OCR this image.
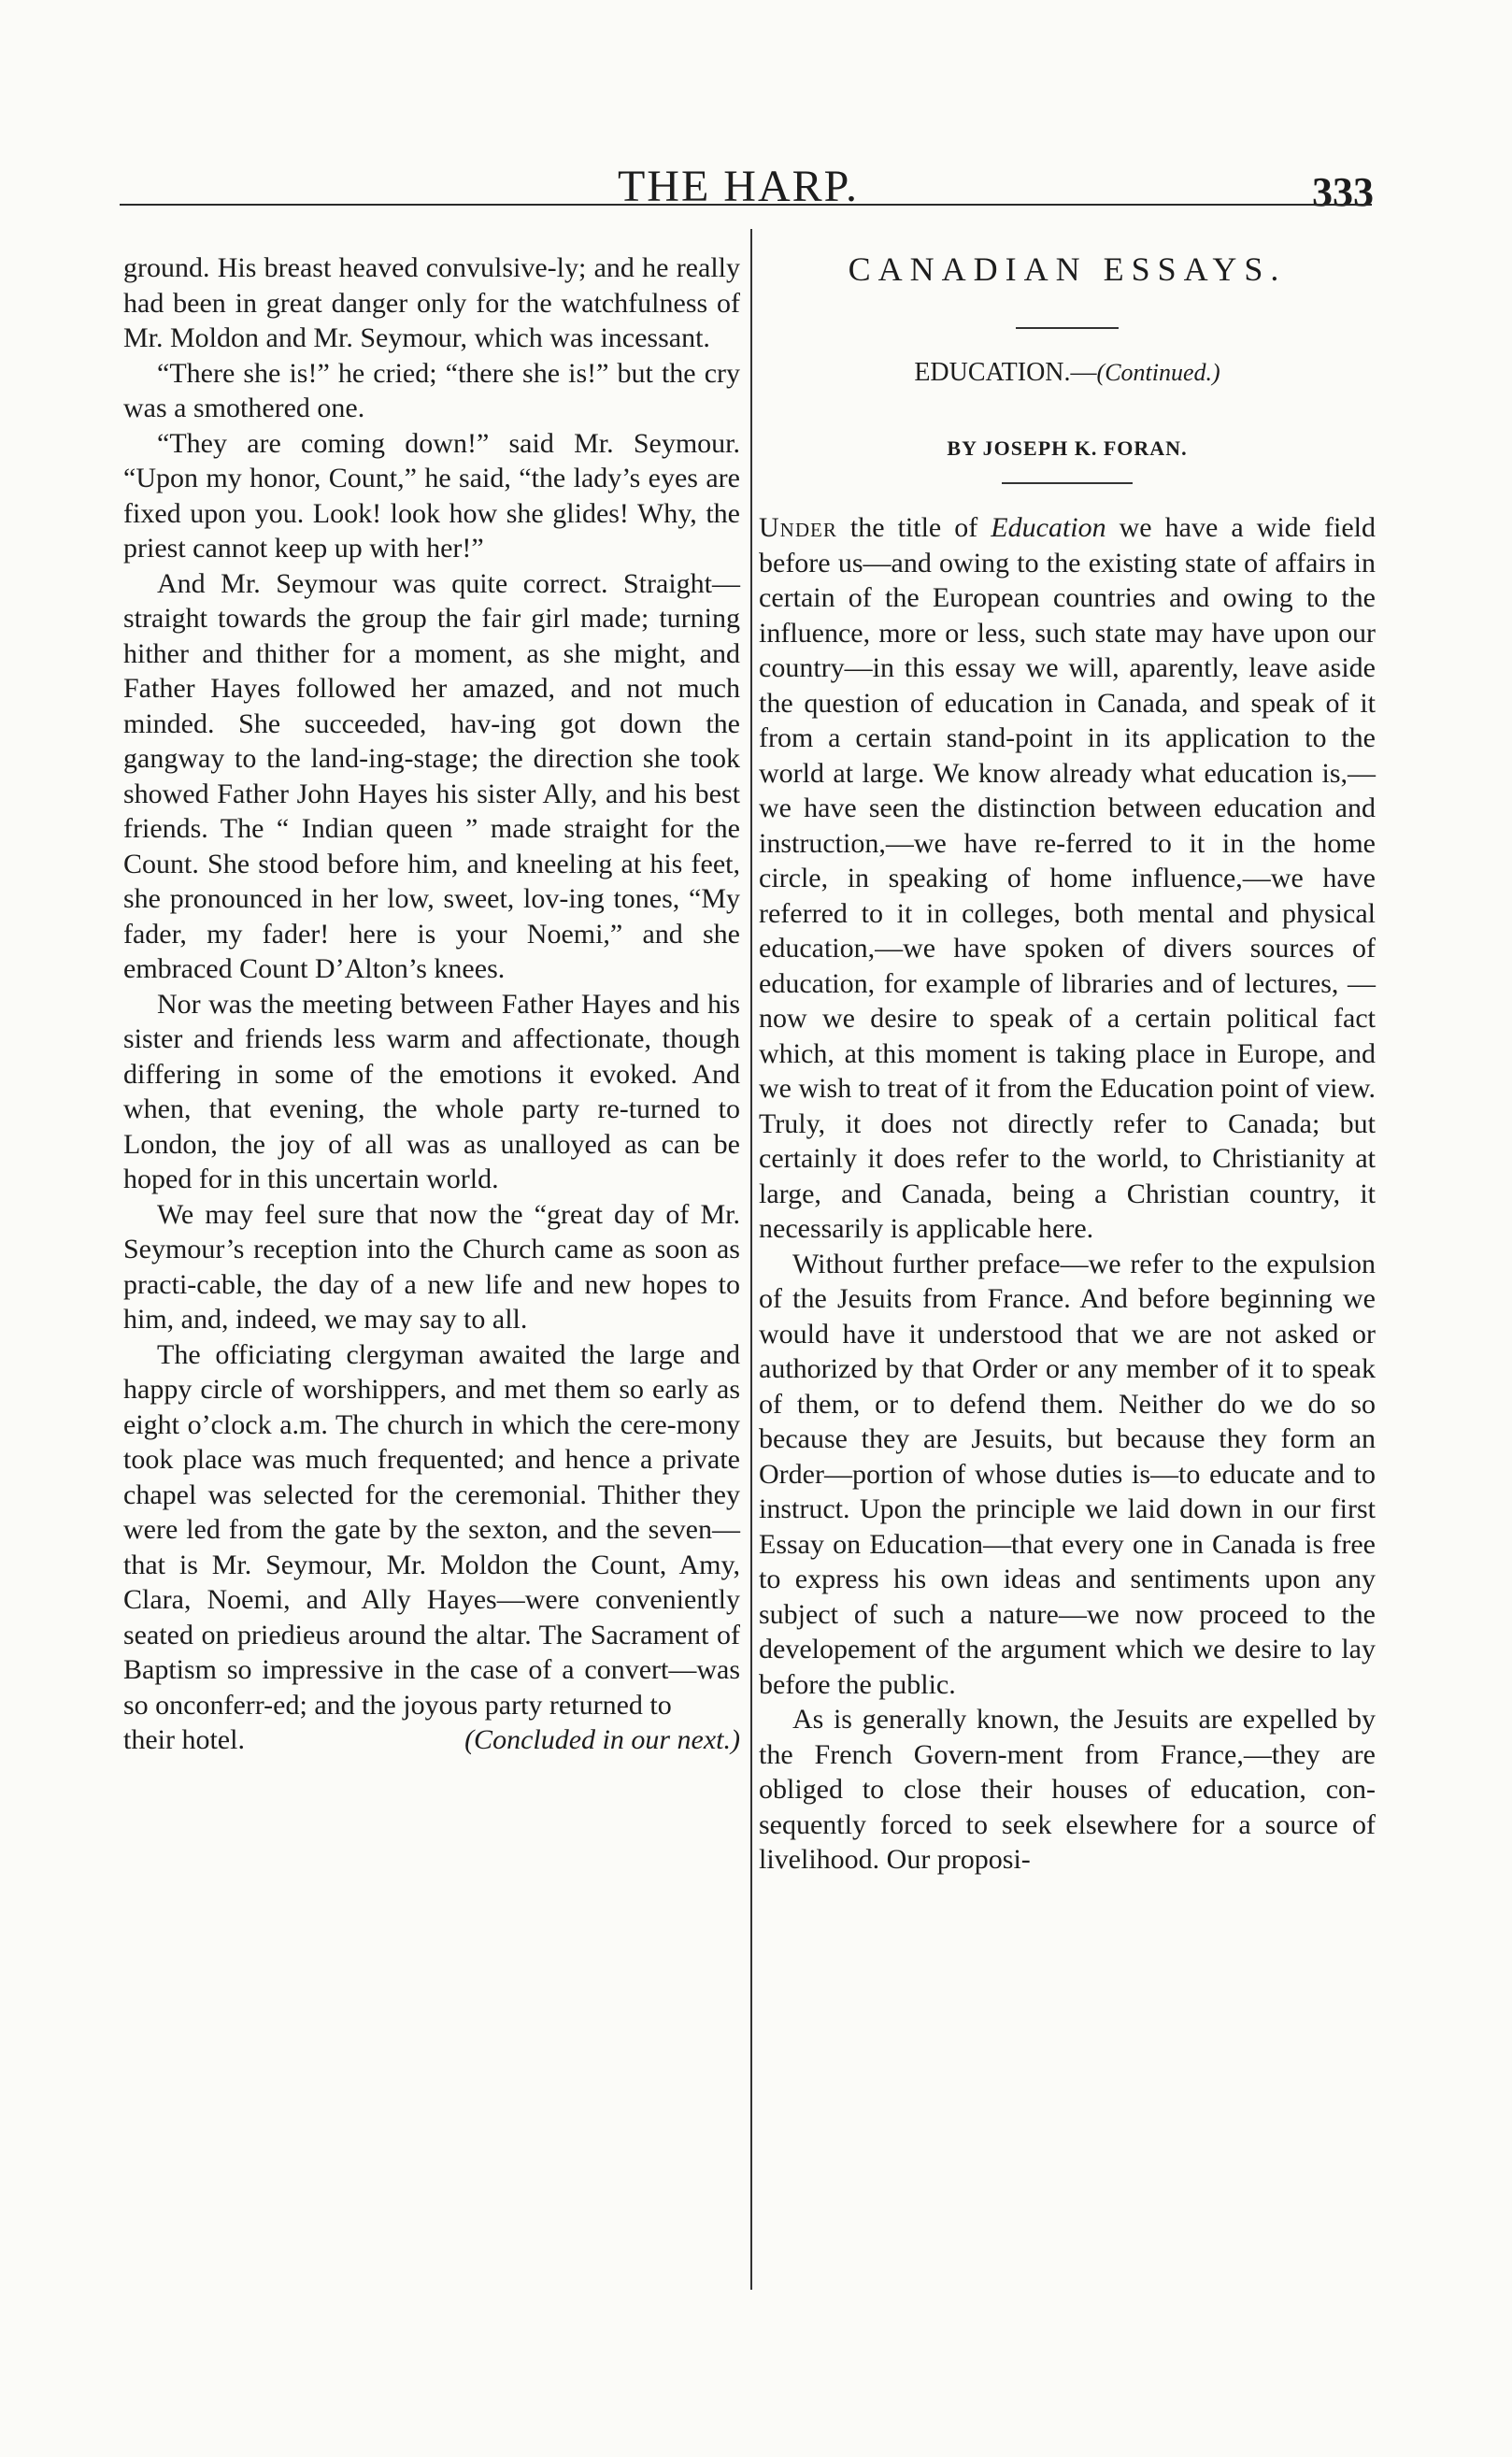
THE HARP.	333

ground. His breast heaved convulsive-ly; and he really had been in great danger only for the watchfulness of Mr. Moldon and Mr. Seymour, which was incessant.

“There she is!” he cried; “there she is!” but the cry was a smothered one.

“They are coming down!” said Mr. Seymour. “Upon my honor, Count,” he said, “the lady’s eyes are fixed upon you. Look! look how she glides! Why, the priest cannot keep up with her!”

And Mr. Seymour was quite correct. Straight—straight towards the group the fair girl made; turning hither and thither for a moment, as she might, and Father Hayes followed her amazed, and not much minded. She succeeded, hav-ing got down the gangway to the land-ing-stage; the direction she took showed Father John Hayes his sister Ally, and his best friends. The “ Indian queen ” made straight for the Count. She stood before him, and kneeling at his feet, she pronounced in her low, sweet, lov-ing tones, “My fader, my fader! here is your Noemi,” and she embraced Count D’Alton’s knees.

Nor was the meeting between Father Hayes and his sister and friends less warm and affectionate, though differing in some of the emotions it evoked. And when, that evening, the whole party re-turned to London, the joy of all was as unalloyed as can be hoped for in this uncertain world.

We may feel sure that now the “great day of Mr. Seymour’s reception into the Church came as soon as practi-cable, the day of a new life and new hopes to him, and, indeed, we may say to all.

The officiating clergyman awaited the large and happy circle of worshippers, and met them so early as eight o’clock a.m. The church in which the cere-mony took place was much frequented; and hence a private chapel was selected for the ceremonial. Thither they were led from the gate by the sexton, and the seven—that is Mr. Seymour, Mr. Moldon the Count, Amy, Clara, Noemi, and Ally Hayes—were conveniently seated on priedieus around the altar. The Sacrament of Baptism so impressive in the case of a convert—was so onconferr-ed; and the joyous party returned to

their hotel.	(Concluded in our next.)
CANADIAN ESSAYS.
EDUCATION.—(Continued.)
BY JOSEPH K. FORAN.

Under the title of Education we have a wide field before us—and owing to the existing state of affairs in certain of the European countries and owing to the influence, more or less, such state may have upon our country—in this essay we will, aparently, leave aside the question of education in Canada, and speak of it from a certain stand-point in its application to the world at large. We know already what education is,—we have seen the distinction between education and instruction,—we have re-ferred to it in the home circle, in speaking of home influence,—we have referred to it in colleges, both mental and physical education,—we have spoken of divers sources of education, for example of libraries and of lectures, —now we desire to speak of a certain political fact which, at this moment is taking place in Europe, and we wish to treat of it from the Education point of view. Truly, it does not directly refer to Canada; but certainly it does refer to the world, to Christianity at large, and Canada, being a Christian country, it necessarily is applicable here.

Without further preface—we refer to the expulsion of the Jesuits from France. And before beginning we would have it understood that we are not asked or authorized by that Order or any member of it to speak of them, or to defend them. Neither do we do so because they are Jesuits, but because they form an Order—portion of whose duties is—to educate and to instruct. Upon the principle we laid down in our first Essay on Education—that every one in Canada is free to express his own ideas and sentiments upon any subject of such a nature—we now proceed to the developement of the argument which we desire to lay before the public.

As is generally known, the Jesuits are expelled by the French Govern-ment from France,—they are obliged to close their houses of education, con-sequently forced to seek elsewhere for a source of livelihood. Our proposi-
